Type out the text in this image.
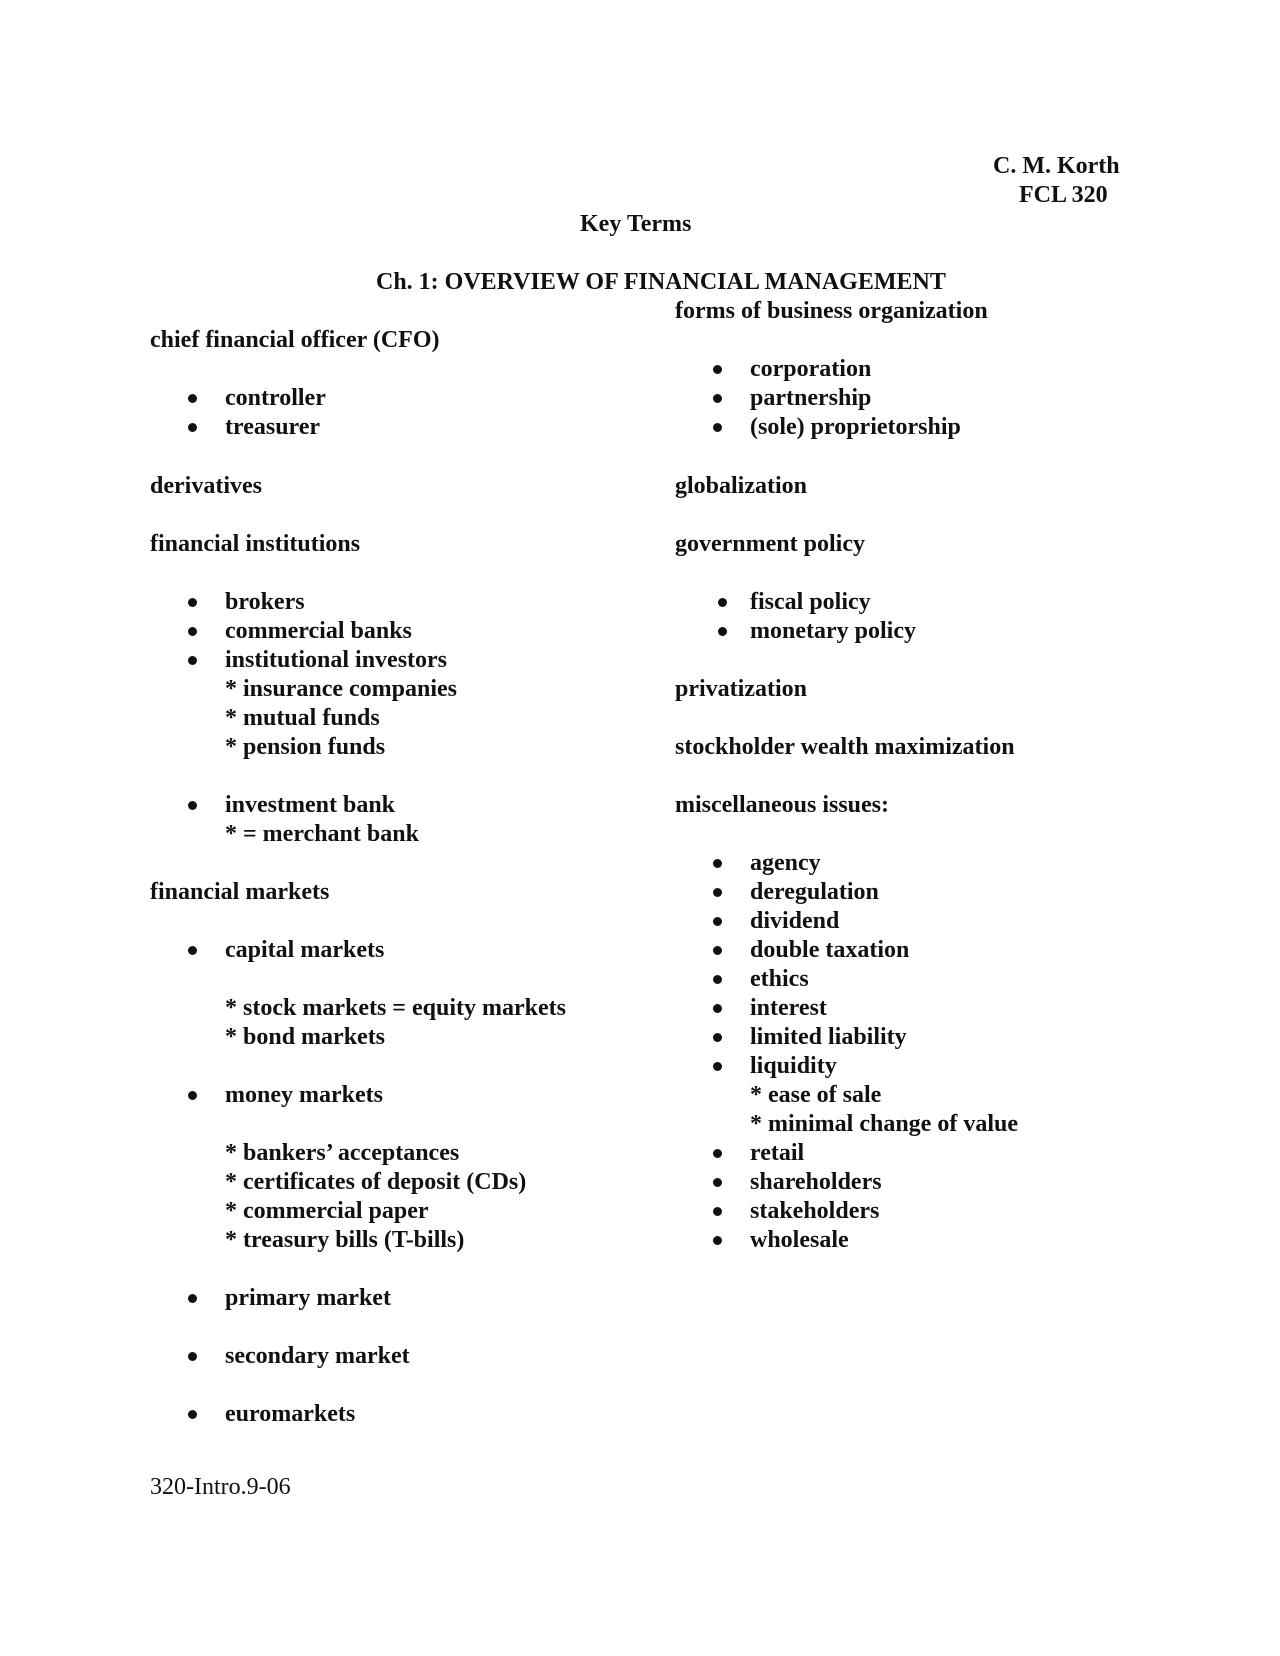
C. M. Korth
FCL 320
Key Terms
Ch. 1: OVERVIEW OF FINANCIAL MANAGEMENT
chief financial officer (CFO)
controller
treasurer
derivatives
financial institutions
brokers
commercial banks
institutional investors
* insurance companies
* mutual funds
* pension funds
investment bank
* = merchant bank
financial markets
capital markets
* stock markets = equity markets
* bond markets
money markets
* bankers’ acceptances
* certificates of deposit (CDs)
* commercial paper
* treasury bills (T-bills)
primary market
secondary market
euromarkets
forms of business organization
corporation
partnership
(sole) proprietorship
globalization
government policy
fiscal policy
monetary policy
privatization
stockholder wealth maximization
miscellaneous issues:
agency
deregulation
dividend
double taxation
ethics
interest
limited liability
liquidity
* ease of sale
* minimal change of value
retail
shareholders
stakeholders
wholesale
320-Intro.9-06
